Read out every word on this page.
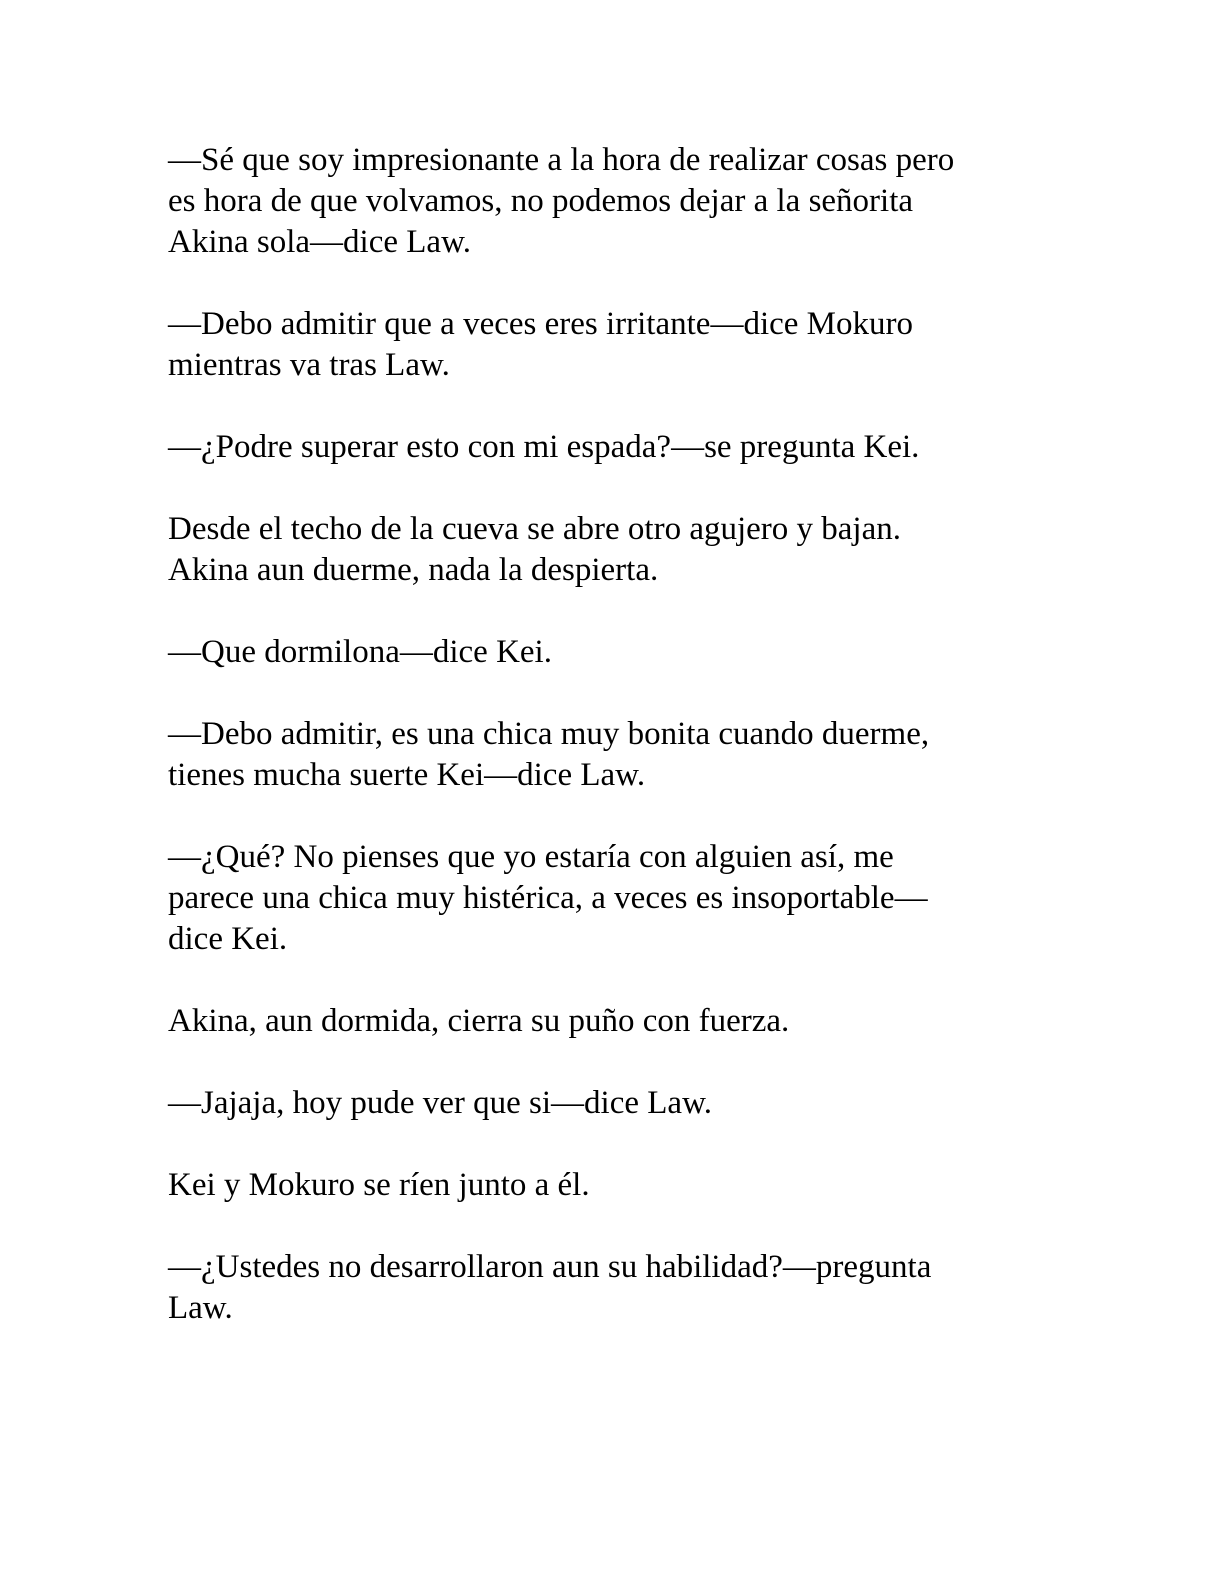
—Sé que soy impresionante a la hora de realizar cosas pero
es hora de que volvamos, no podemos dejar a la señorita
Akina sola—dice Law.

—Debo admitir que a veces eres irritante—dice Mokuro
mientras va tras Law.

—¿Podre superar esto con mi espada?—se pregunta Kei.

Desde el techo de la cueva se abre otro agujero y bajan.
Akina aun duerme, nada la despierta.

—Que dormilona—dice Kei.

—Debo admitir, es una chica muy bonita cuando duerme,
tienes mucha suerte Kei—dice Law.

—¿Qué? No pienses que yo estaría con alguien así, me
parece una chica muy histérica, a veces es insoportable—
dice Kei.

Akina, aun dormida, cierra su puño con fuerza.

—Jajaja, hoy pude ver que si—dice Law.

Kei y Mokuro se ríen junto a él.

—¿Ustedes no desarrollaron aun su habilidad?—pregunta
Law.
